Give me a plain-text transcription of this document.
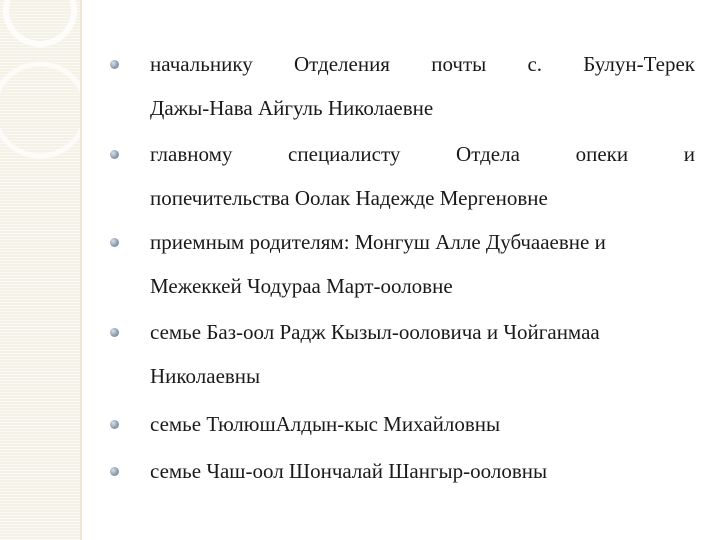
начальнику Отделения почты с. Булун-Терек
Дажы-Нава Айгуль Николаевне
главному специалисту Отдела опеки и
попечительства Оолак Надежде Мергеновне
приемным родителям: Монгуш Алле Дубчааевне и
Межеккей Чодураа Март-ооловне
семье Баз-оол Радж Кызыл-ооловича и Чойганмаа
Николаевны
семье ТюлюшАлдын-кыс Михайловны
семье Чаш-оол Шончалай Шангыр-ооловны
